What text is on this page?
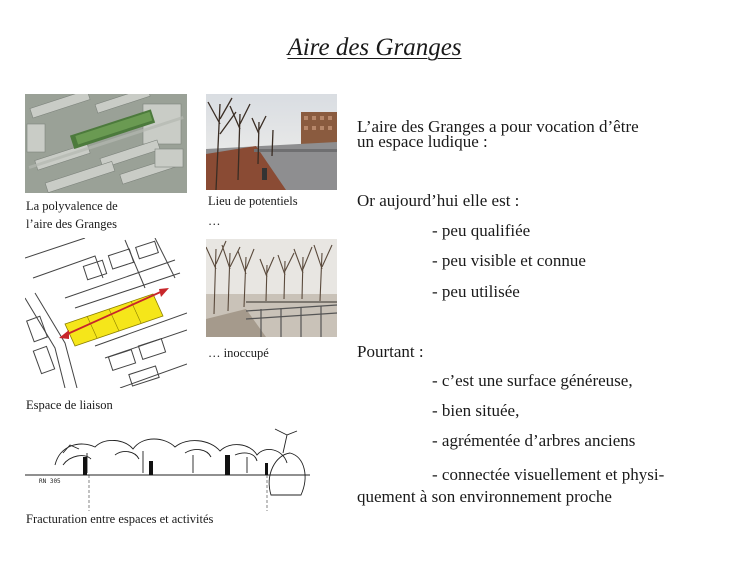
Aire des Granges
La polyvalence de
l’aire des Granges
Lieu de potentiels
…
Espace de liaison
… inoccupé
RN 305
Fracturation entre espaces et activités
L’aire des Granges a pour vocation d’être
un espace ludique :
Or aujourd’hui elle est :
- peu qualifiée
- peu visible et connue
- peu utilisée
Pourtant :
- c’est une surface généreuse,
- bien située,
- agrémentée d’arbres anciens
- connectée visuellement et physi-
quement à son environnement proche
